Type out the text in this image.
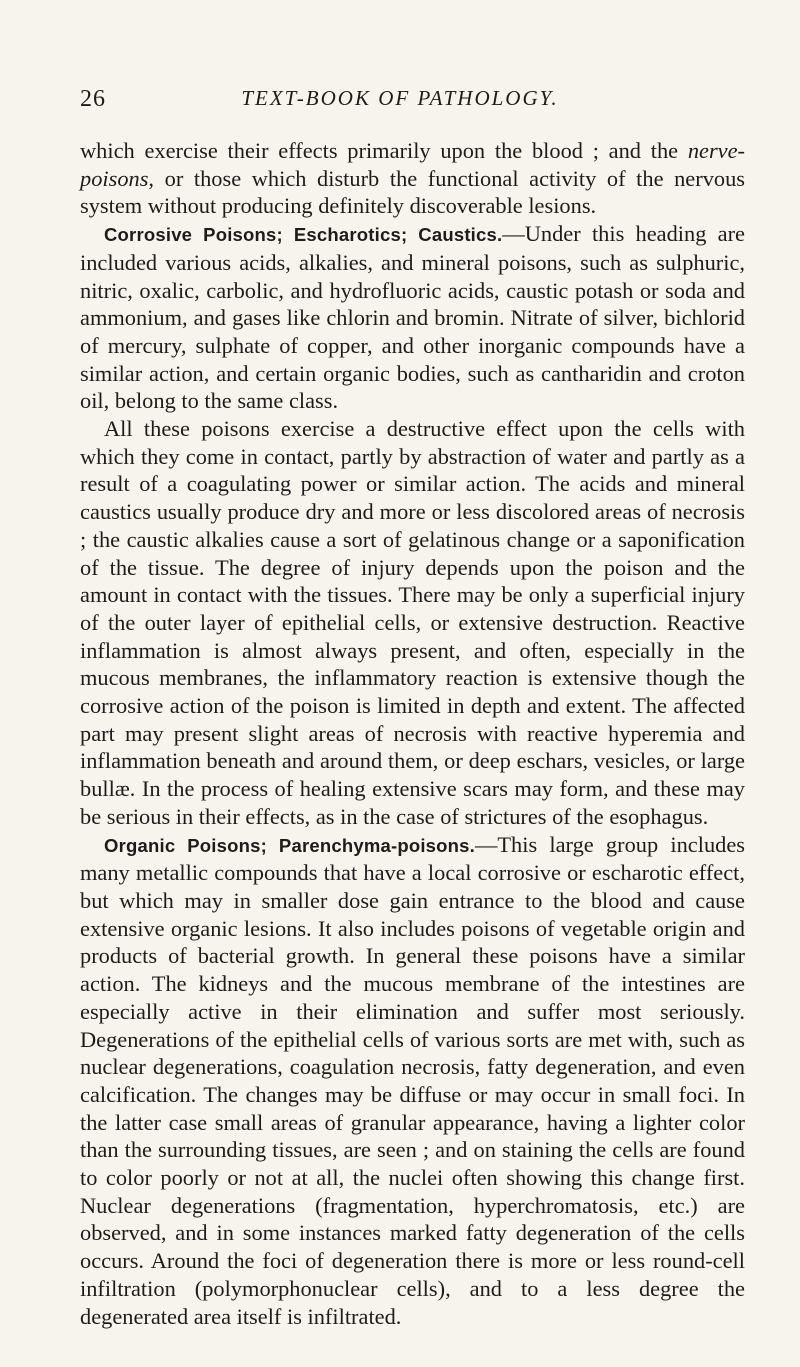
26	TEXT-BOOK OF PATHOLOGY.

which exercise their effects primarily upon the blood ; and the nerve-poisons, or those which disturb the functional activity of the nervous system without producing definitely discoverable lesions.

Corrosive Poisons; Escharotics; Caustics.—Under this heading are included various acids, alkalies, and mineral poisons, such as sulphuric, nitric, oxalic, carbolic, and hydrofluoric acids, caustic potash or soda and ammonium, and gases like chlorin and bromin. Nitrate of silver, bichlorid of mercury, sulphate of copper, and other inorganic compounds have a similar action, and certain organic bodies, such as cantharidin and croton oil, belong to the same class.

All these poisons exercise a destructive effect upon the cells with which they come in contact, partly by abstraction of water and partly as a result of a coagulating power or similar action. The acids and mineral caustics usually produce dry and more or less discolored areas of necrosis ; the caustic alkalies cause a sort of gelatinous change or a saponification of the tissue. The degree of injury depends upon the poison and the amount in contact with the tissues. There may be only a superficial injury of the outer layer of epithelial cells, or extensive destruction. Reactive inflammation is almost always present, and often, especially in the mucous membranes, the inflammatory reaction is extensive though the corrosive action of the poison is limited in depth and extent. The affected part may present slight areas of necrosis with reactive hyperemia and inflammation beneath and around them, or deep eschars, vesicles, or large bullæ. In the process of healing extensive scars may form, and these may be serious in their effects, as in the case of strictures of the esophagus.

Organic Poisons; Parenchyma-poisons.—This large group includes many metallic compounds that have a local corrosive or escharotic effect, but which may in smaller dose gain entrance to the blood and cause extensive organic lesions. It also includes poisons of vegetable origin and products of bacterial growth. In general these poisons have a similar action. The kidneys and the mucous membrane of the intestines are especially active in their elimination and suffer most seriously. Degenerations of the epithelial cells of various sorts are met with, such as nuclear degenerations, coagulation necrosis, fatty degeneration, and even calcification. The changes may be diffuse or may occur in small foci. In the latter case small areas of granular appearance, having a lighter color than the surrounding tissues, are seen ; and on staining the cells are found to color poorly or not at all, the nuclei often showing this change first. Nuclear degenerations (fragmentation, hyperchromatosis, etc.) are observed, and in some instances marked fatty degeneration of the cells occurs. Around the foci of degeneration there is more or less round-cell infiltration (polymorphonuclear cells), and to a less degree the degenerated area itself is infiltrated.
